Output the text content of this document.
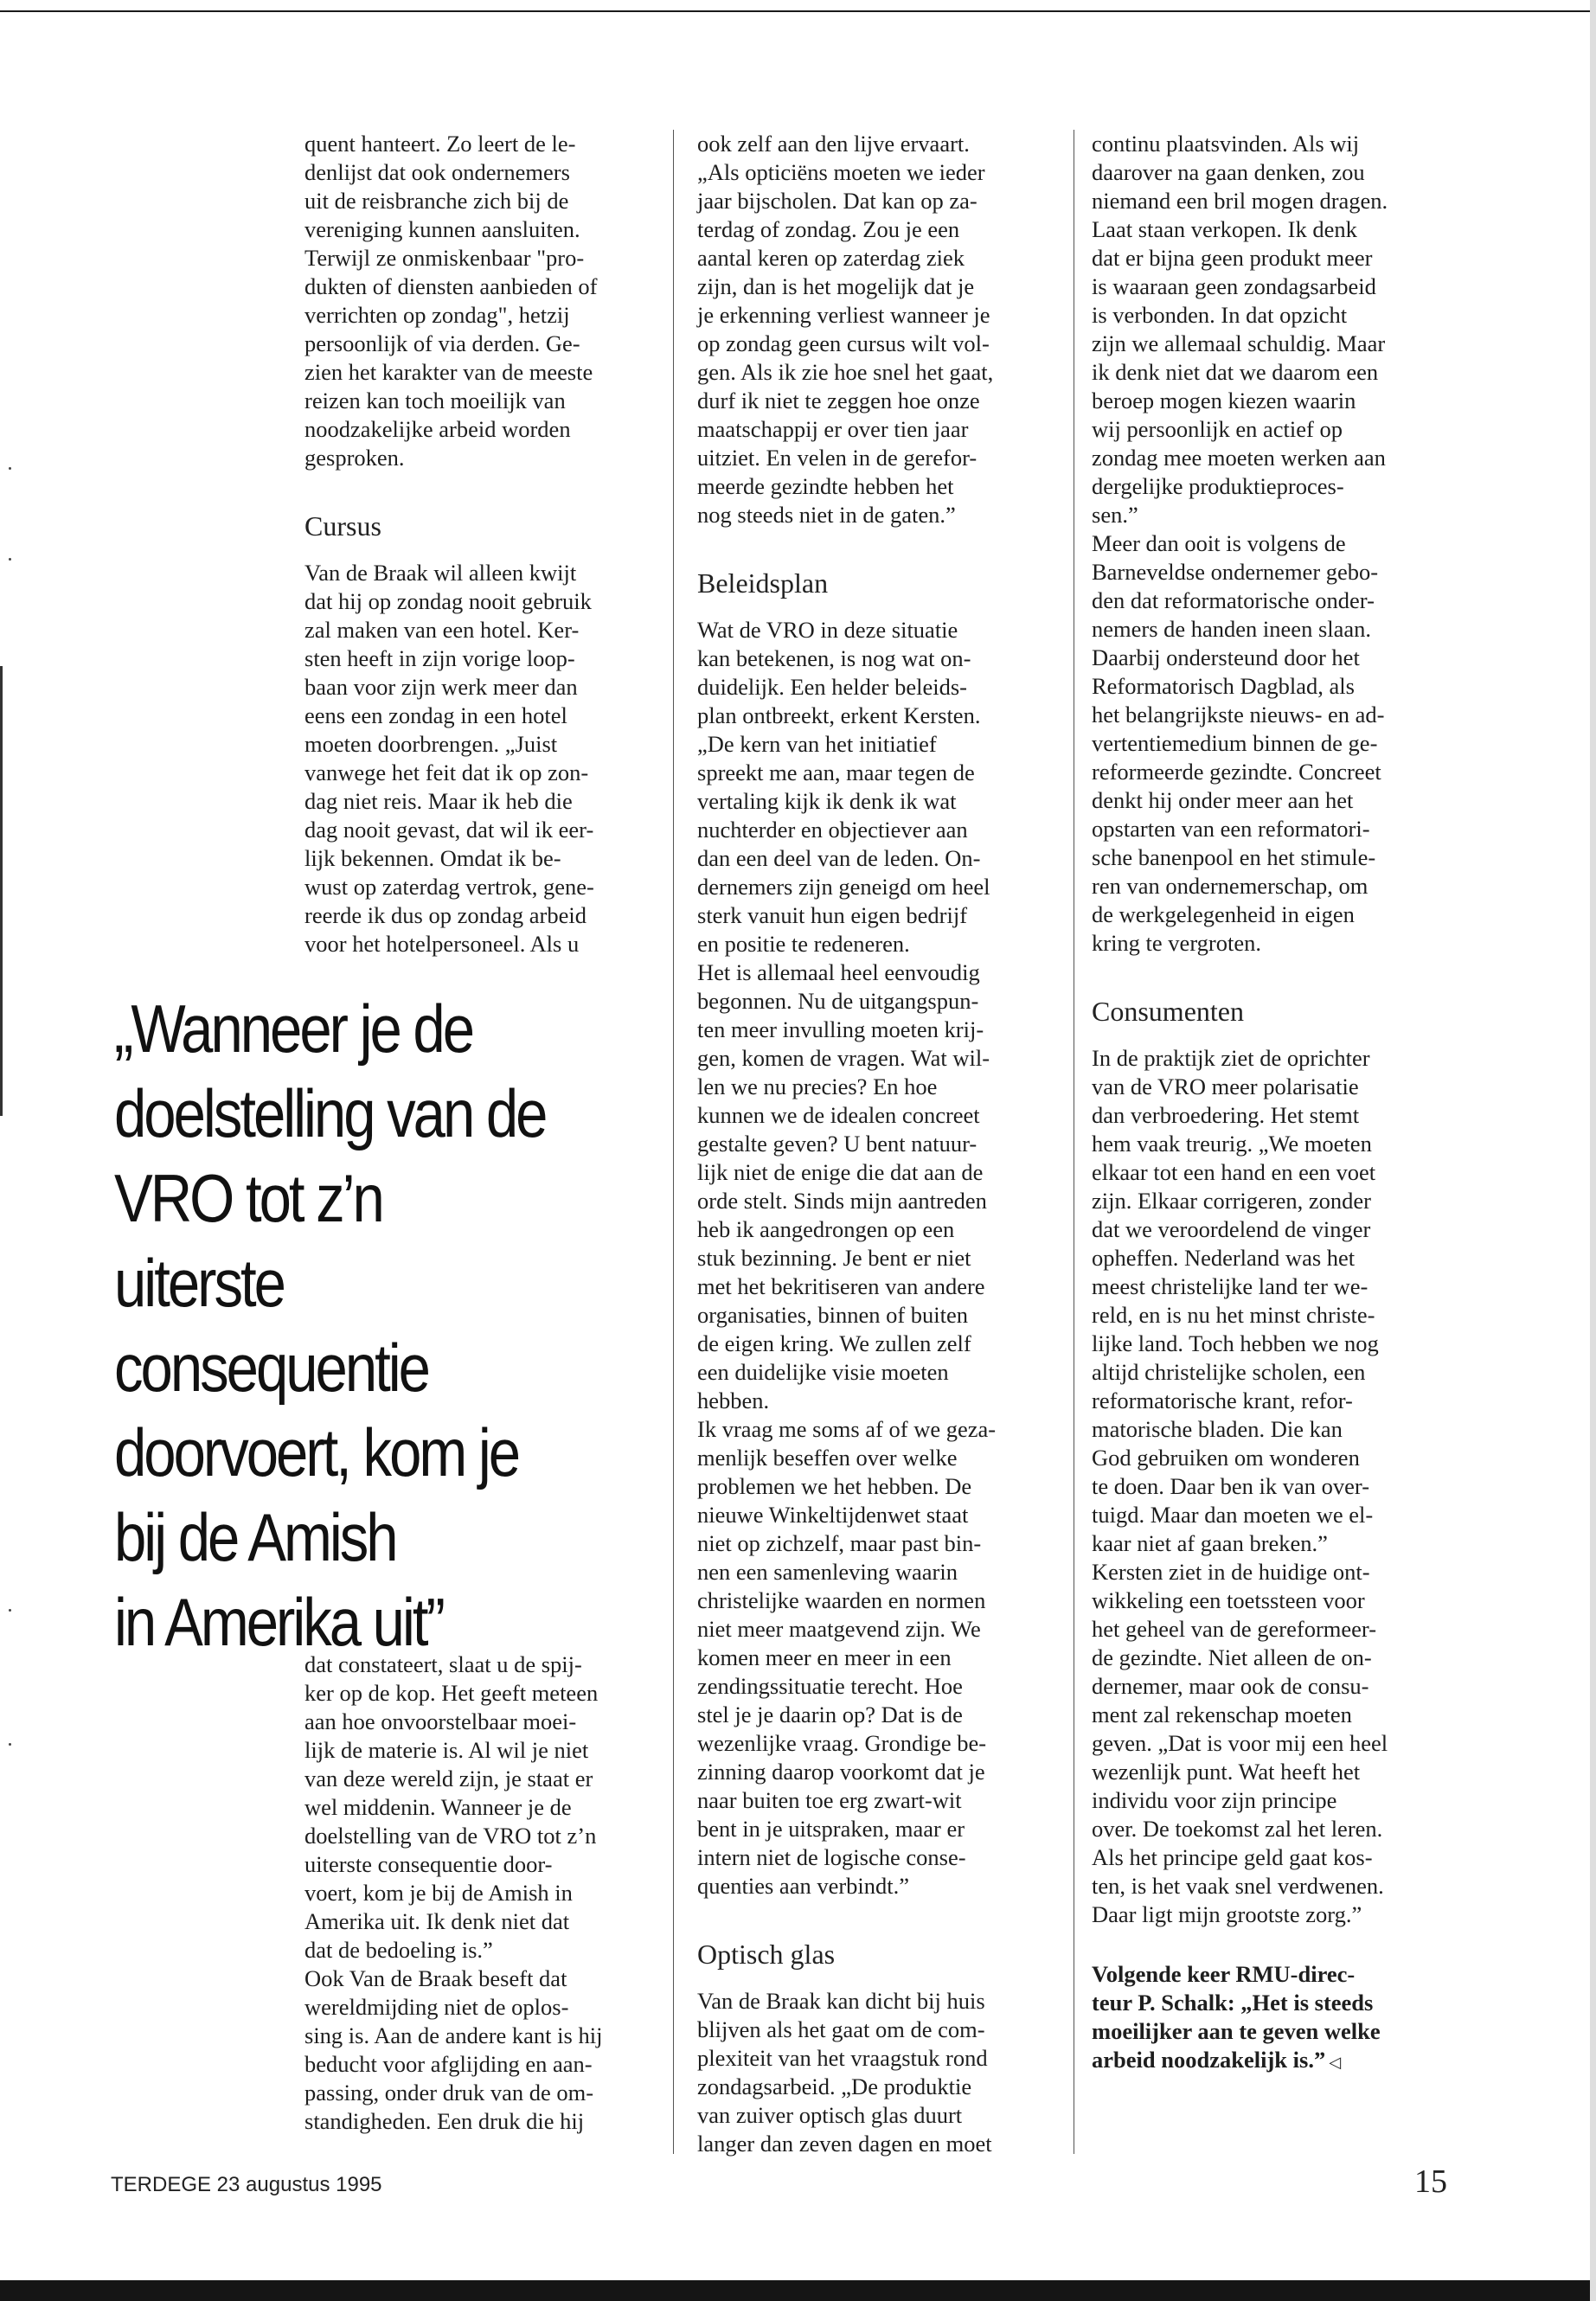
quent hanteert. Zo leert de le-
denlijst dat ook ondernemers
uit de reisbranche zich bij de
vereniging kunnen aansluiten.
Terwijl ze onmiskenbaar "pro-
dukten of diensten aanbieden of
verrichten op zondag", hetzij
persoonlijk of via derden. Ge-
zien het karakter van de meeste
reizen kan toch moeilijk van
noodzakelijke arbeid worden
gesproken.

Cursus

Van de Braak wil alleen kwijt
dat hij op zondag nooit gebruik
zal maken van een hotel. Ker-
sten heeft in zijn vorige loop-
baan voor zijn werk meer dan
eens een zondag in een hotel
moeten doorbrengen. „Juist
vanwege het feit dat ik op zon-
dag niet reis. Maar ik heb die
dag nooit gevast, dat wil ik eer-
lijk bekennen. Omdat ik be-
wust op zaterdag vertrok, gene-
reerde ik dus op zondag arbeid
voor het hotelpersoneel. Als u

„Wanneer je de
doelstelling van de
VRO tot z’n uiterste
consequentie
doorvoert, kom je
bij de Amish
in Amerika uit”

dat constateert, slaat u de spij-
ker op de kop. Het geeft meteen
aan hoe onvoorstelbaar moei-
lijk de materie is. Al wil je niet
van deze wereld zijn, je staat er
wel middenin. Wanneer je de
doelstelling van de VRO tot z’n
uiterste consequentie door-
voert, kom je bij de Amish in
Amerika uit. Ik denk niet dat
dat de bedoeling is.”
Ook Van de Braak beseft dat
wereldmijding niet de oplos-
sing is. Aan de andere kant is hij
beducht voor afglijding en aan-
passing, onder druk van de om-
standigheden. Een druk die hij

ook zelf aan den lijve ervaart.
„Als opticiëns moeten we ieder
jaar bijscholen. Dat kan op za-
terdag of zondag. Zou je een
aantal keren op zaterdag ziek
zijn, dan is het mogelijk dat je
je erkenning verliest wanneer je
op zondag geen cursus wilt vol-
gen. Als ik zie hoe snel het gaat,
durf ik niet te zeggen hoe onze
maatschappij er over tien jaar
uitziet. En velen in de gerefor-
meerde gezindte hebben het
nog steeds niet in de gaten.”

Beleidsplan

Wat de VRO in deze situatie
kan betekenen, is nog wat on-
duidelijk. Een helder beleids-
plan ontbreekt, erkent Kersten.
„De kern van het initiatief
spreekt me aan, maar tegen de
vertaling kijk ik denk ik wat
nuchterder en objectiever aan
dan een deel van de leden. On-
dernemers zijn geneigd om heel
sterk vanuit hun eigen bedrijf
en positie te redeneren.
Het is allemaal heel eenvoudig
begonnen. Nu de uitgangspun-
ten meer invulling moeten krij-
gen, komen de vragen. Wat wil-
len we nu precies? En hoe
kunnen we de idealen concreet
gestalte geven? U bent natuur-
lijk niet de enige die dat aan de
orde stelt. Sinds mijn aantreden
heb ik aangedrongen op een
stuk bezinning. Je bent er niet
met het bekritiseren van andere
organisaties, binnen of buiten
de eigen kring. We zullen zelf
een duidelijke visie moeten
hebben.
Ik vraag me soms af of we geza-
menlijk beseffen over welke
problemen we het hebben. De
nieuwe Winkeltijdenwet staat
niet op zichzelf, maar past bin-
nen een samenleving waarin
christelijke waarden en normen
niet meer maatgevend zijn. We
komen meer en meer in een
zendingssituatie terecht. Hoe
stel je je daarin op? Dat is de
wezenlijke vraag. Grondige be-
zinning daarop voorkomt dat je
naar buiten toe erg zwart-wit
bent in je uitspraken, maar er
intern niet de logische conse-
quenties aan verbindt.”

Optisch glas

Van de Braak kan dicht bij huis
blijven als het gaat om de com-
plexiteit van het vraagstuk rond
zondagsarbeid. „De produktie
van zuiver optisch glas duurt
langer dan zeven dagen en moet

continu plaatsvinden. Als wij
daarover na gaan denken, zou
niemand een bril mogen dragen.
Laat staan verkopen. Ik denk
dat er bijna geen produkt meer
is waaraan geen zondagsarbeid
is verbonden. In dat opzicht
zijn we allemaal schuldig. Maar
ik denk niet dat we daarom een
beroep mogen kiezen waarin
wij persoonlijk en actief op
zondag mee moeten werken aan
dergelijke produktieproces-
sen.”
Meer dan ooit is volgens de
Barneveldse ondernemer gebo-
den dat reformatorische onder-
nemers de handen ineen slaan.
Daarbij ondersteund door het
Reformatorisch Dagblad, als
het belangrijkste nieuws- en ad-
vertentiemedium binnen de ge-
reformeerde gezindte. Concreet
denkt hij onder meer aan het
opstarten van een reformatori-
sche banenpool en het stimule-
ren van ondernemerschap, om
de werkgelegenheid in eigen
kring te vergroten.

Consumenten

In de praktijk ziet de oprichter
van de VRO meer polarisatie
dan verbroedering. Het stemt
hem vaak treurig. „We moeten
elkaar tot een hand en een voet
zijn. Elkaar corrigeren, zonder
dat we veroordelend de vinger
opheffen. Nederland was het
meest christelijke land ter we-
reld, en is nu het minst christe-
lijke land. Toch hebben we nog
altijd christelijke scholen, een
reformatorische krant, refor-
matorische bladen. Die kan
God gebruiken om wonderen
te doen. Daar ben ik van over-
tuigd. Maar dan moeten we el-
kaar niet af gaan breken.”
Kersten ziet in de huidige ont-
wikkeling een toetssteen voor
het geheel van de gereformeer-
de gezindte. Niet alleen de on-
dernemer, maar ook de consu-
ment zal rekenschap moeten
geven. „Dat is voor mij een heel
wezenlijk punt. Wat heeft het
individu voor zijn principe
over. De toekomst zal het leren.
Als het principe geld gaat kos-
ten, is het vaak snel verdwenen.
Daar ligt mijn grootste zorg.”

Volgende keer RMU-direc-
teur P. Schalk: „Het is steeds
moeilijker aan te geven welke
arbeid noodzakelijk is.” ◁

TERDEGE 23 augustus 1995	15
